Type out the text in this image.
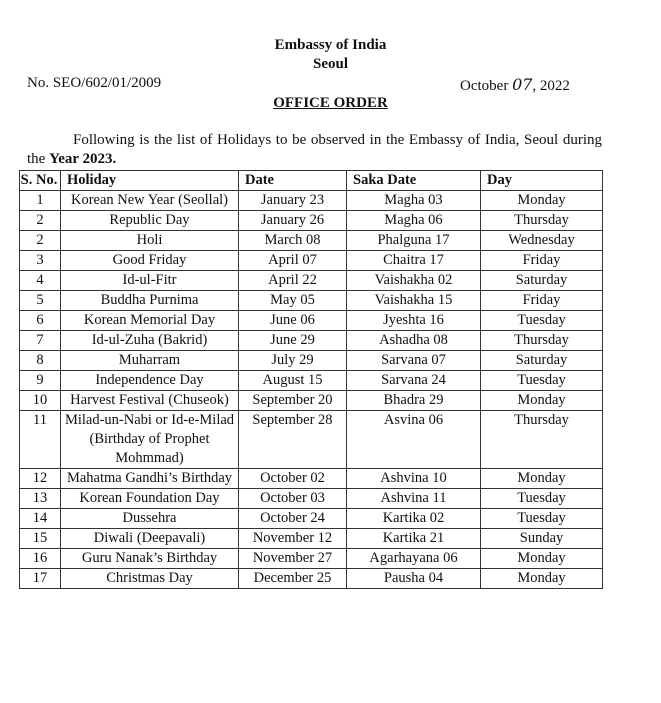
Embassy of India
Seoul
No. SEO/602/01/2009	October 07, 2022
OFFICE ORDER
Following is the list of Holidays to be observed in the Embassy of India, Seoul during the Year 2023.
S. No.	Holiday	Date	Saka Date	Day
1	Korean New Year (Seollal)	January 23	Magha 03	Monday
2	Republic Day	January 26	Magha 06	Thursday
2	Holi	March 08	Phalguna 17	Wednesday
3	Good Friday	April 07	Chaitra 17	Friday
4	Id-ul-Fitr	April 22	Vaishakha 02	Saturday
5	Buddha Purnima	May 05	Vaishakha 15	Friday
6	Korean Memorial Day	June 06	Jyeshta 16	Tuesday
7	Id-ul-Zuha (Bakrid)	June 29	Ashadha 08	Thursday
8	Muharram	July 29	Sarvana 07	Saturday
9	Independence Day	August 15	Sarvana 24	Tuesday
10	Harvest Festival (Chuseok)	September 20	Bhadra 29	Monday
11	Milad-un-Nabi or Id-e-Milad (Birthday of Prophet Mohmmad)	September 28	Asvina 06	Thursday
12	Mahatma Gandhi’s Birthday	October 02	Ashvina 10	Monday
13	Korean Foundation Day	October 03	Ashvina 11	Tuesday
14	Dussehra	October 24	Kartika 02	Tuesday
15	Diwali (Deepavali)	November 12	Kartika 21	Sunday
16	Guru Nanak’s Birthday	November 27	Agarhayana 06	Monday
17	Christmas Day	December 25	Pausha 04	Monday
